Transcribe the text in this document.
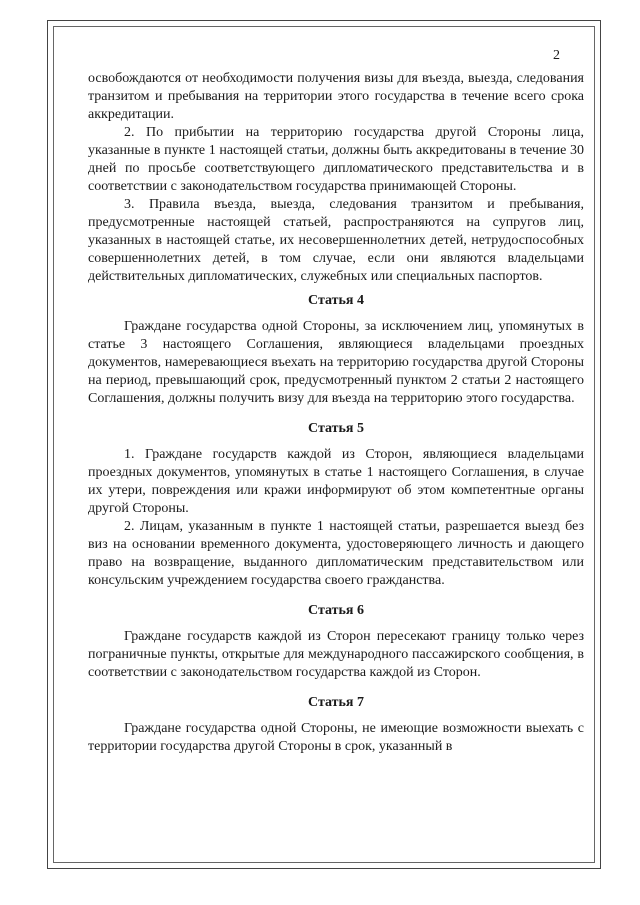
2

освобождаются от необходимости получения визы для въезда, выезда, следования транзитом и пребывания на территории этого государства в течение всего срока аккредитации.

2. По прибытии на территорию государства другой Стороны лица, указанные в пункте 1 настоящей статьи, должны быть аккредитованы в течение 30 дней по просьбе соответствующего дипломатического представительства и в соответствии с законодательством государства принимающей Стороны.

3. Правила въезда, выезда, следования транзитом и пребывания, предусмотренные настоящей статьей, распространяются на супругов лиц, указанных в настоящей статье, их несовершеннолетних детей, нетрудоспособных совершеннолетних детей, в том случае, если они являются владельцами действительных дипломатических, служебных или специальных паспортов.

Статья 4

Граждане государства одной Стороны, за исключением лиц, упомянутых в статье 3 настоящего Соглашения, являющиеся владельцами проездных документов, намеревающиеся въехать на территорию государства другой Стороны на период, превышающий срок, предусмотренный пунктом 2 статьи 2 настоящего Соглашения, должны получить визу для въезда на территорию этого государства.

Статья 5

1. Граждане государств каждой из Сторон, являющиеся владельцами проездных документов, упомянутых в статье 1 настоящего Соглашения, в случае их утери, повреждения или кражи информируют об этом компетентные органы другой Стороны.

2. Лицам, указанным в пункте 1 настоящей статьи, разрешается выезд без виз на основании временного документа, удостоверяющего личность и дающего право на возвращение, выданного дипломатическим представительством или консульским учреждением государства своего гражданства.

Статья 6

Граждане государств каждой из Сторон пересекают границу только через пограничные пункты, открытые для международного пассажирского сообщения, в соответствии с законодательством государства каждой из Сторон.

Статья 7

Граждане государства одной Стороны, не имеющие возможности выехать с территории государства другой Стороны в срок, указанный в
